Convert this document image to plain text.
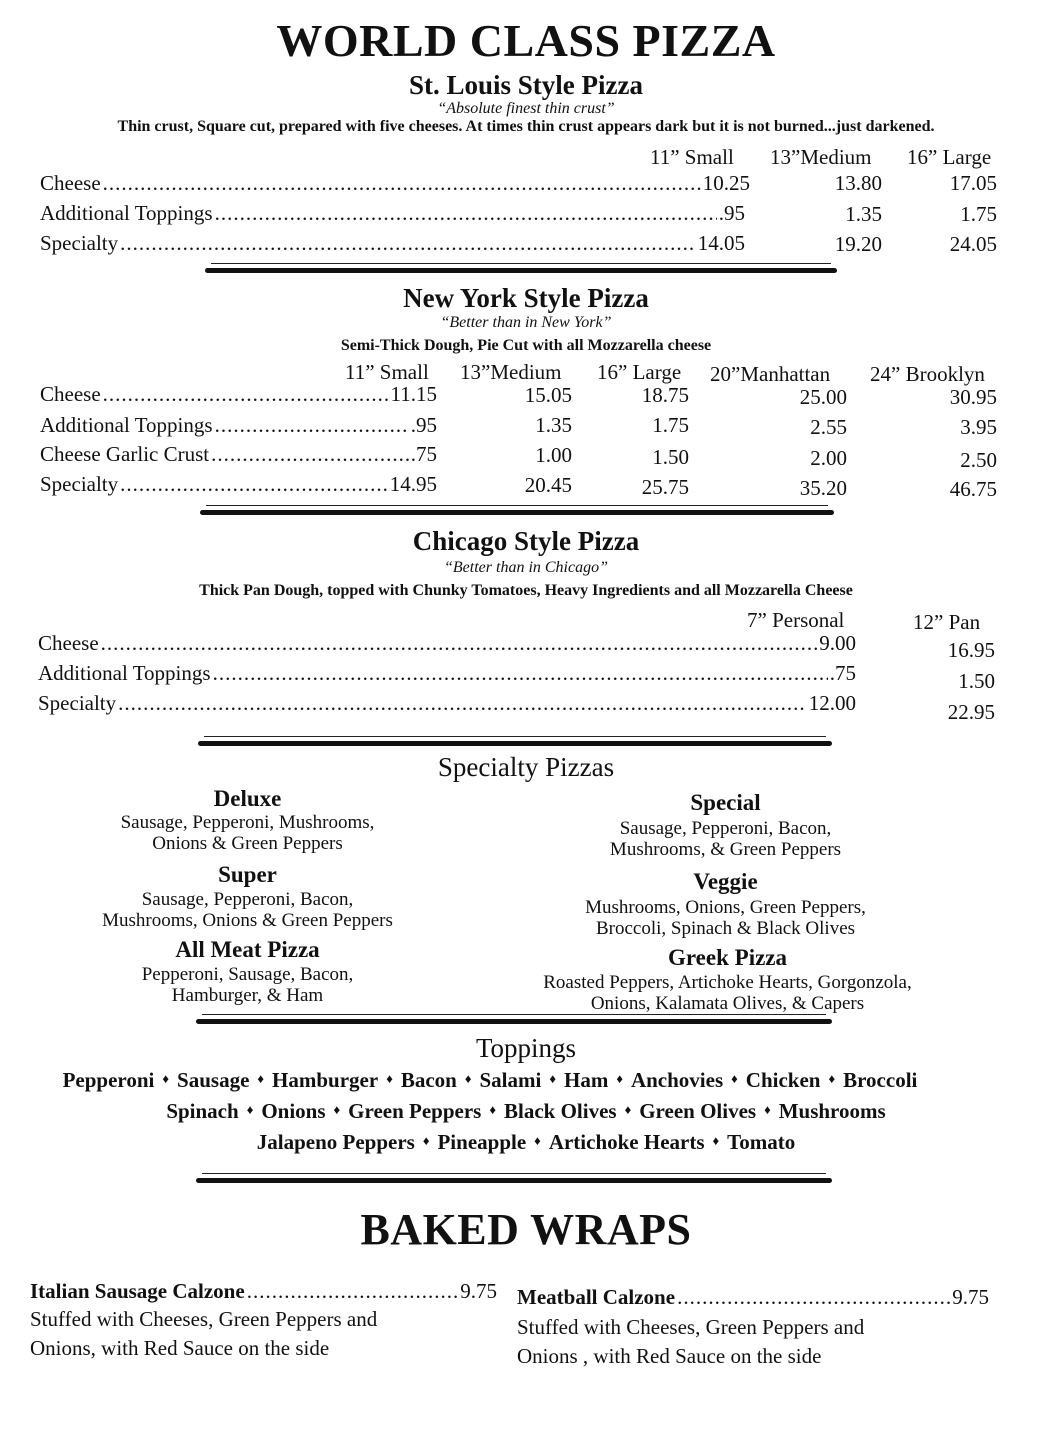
WORLD CLASS PIZZA
St. Louis Style Pizza
“Absolute finest thin crust”
Thin crust, Square cut, prepared with five cheeses. At times thin crust appears dark but it is not burned...just darkened.
11” Small 13”Medium 16” Large
Cheese .....	10.25	13.80	17.05
Additional Toppings .....	.95	1.35	1.75
Specialty .....	14.05	19.20	24.05
New York Style Pizza
“Better than in New York”
Semi-Thick Dough, Pie Cut with all Mozzarella cheese
11” Small 13”Medium 16” Large 20”Manhattan 24” Brooklyn
Cheese .....	11.15	15.05	18.75	25.00	30.95
Additional Toppings .....	.95	1.35	1.75	2.55	3.95
Cheese Garlic Crust .....	.75	1.00	1.50	2.00	2.50
Specialty .....	14.95	20.45	25.75	35.20	46.75
Chicago Style Pizza
“Better than in Chicago”
Thick Pan Dough, topped with Chunky Tomatoes, Heavy Ingredients and all Mozzarella Cheese
7” Personal	12” Pan
Cheese .....	9.00	16.95
Additional Toppings .....	.75	1.50
Specialty .....	12.00	22.95
Specialty Pizzas
Deluxe
Sausage, Pepperoni, Mushrooms,
Onions & Green Peppers
Special
Sausage, Pepperoni, Bacon,
Mushrooms, & Green Peppers
Super
Sausage, Pepperoni, Bacon,
Mushrooms, Onions & Green Peppers
Veggie
Mushrooms, Onions, Green Peppers,
Broccoli, Spinach & Black Olives
All Meat Pizza
Pepperoni, Sausage, Bacon,
Hamburger, & Ham
Greek Pizza
Roasted Peppers, Artichoke Hearts, Gorgonzola,
Onions, Kalamata Olives, & Capers
Toppings
Pepperoni ♦ Sausage ♦ Hamburger ♦ Bacon ♦ Salami ♦ Ham ♦ Anchovies ♦ Chicken ♦ Broccoli
Spinach ♦ Onions ♦ Green Peppers ♦ Black Olives ♦ Green Olives ♦ Mushrooms
Jalapeno Peppers ♦ Pineapple ♦ Artichoke Hearts ♦ Tomato
BAKED WRAPS
Italian Sausage Calzone .....	9.75
Stuffed with Cheeses, Green Peppers and
Onions, with Red Sauce on the side
Meatball Calzone .....	9.75
Stuffed with Cheeses, Green Peppers and
Onions , with Red Sauce on the side
